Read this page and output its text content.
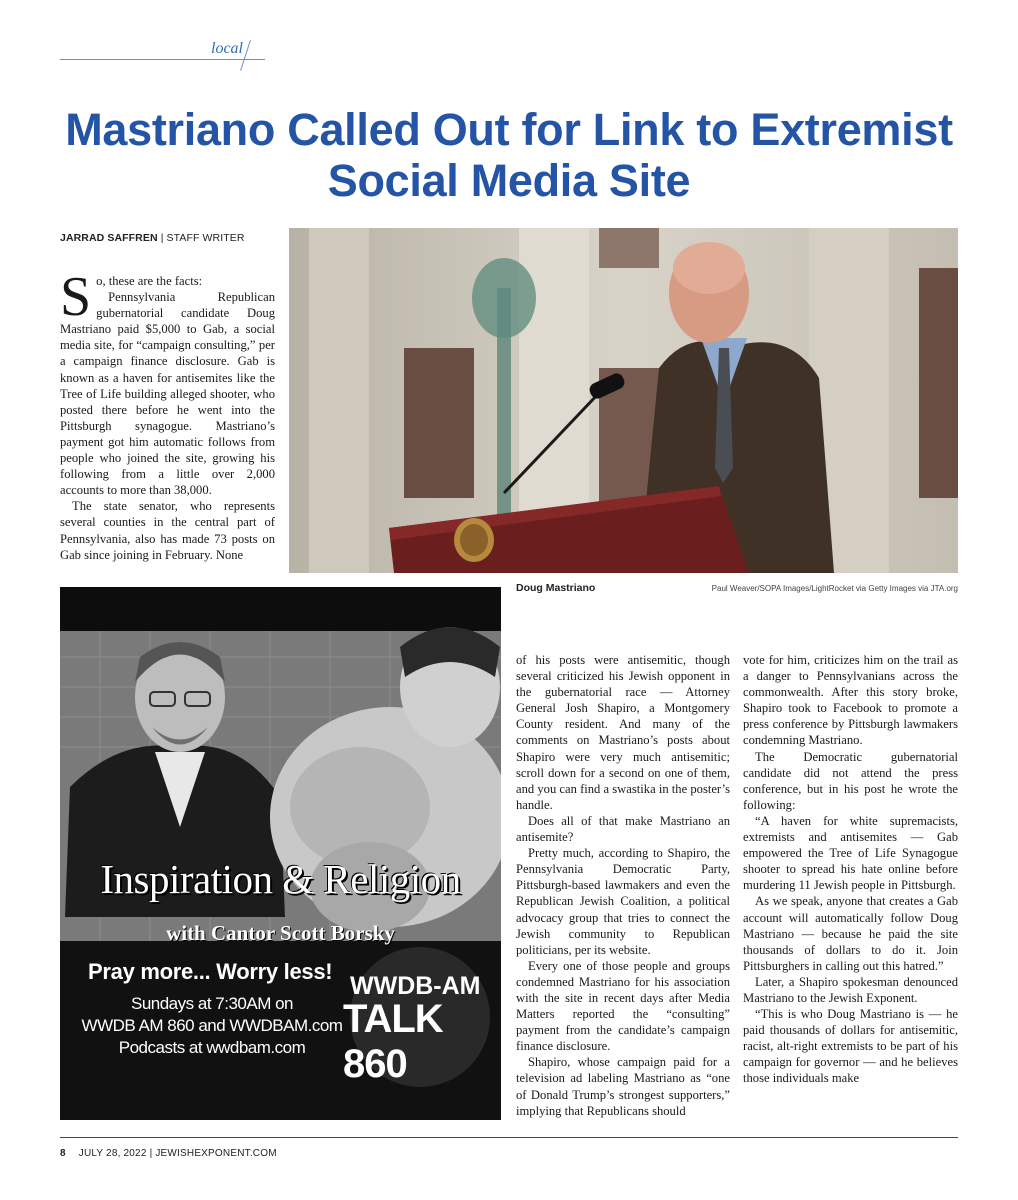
local
Mastriano Called Out for Link to Extremist Social Media Site
JARRAD SAFFREN | STAFF WRITER

So, these are the facts:

Pennsylvania Republican gubernatorial candidate Doug Mastriano paid $5,000 to Gab, a social media site, for “campaign consulting,” per a campaign finance disclosure. Gab is known as a haven for antisemites like the Tree of Life building alleged shooter, who posted there before he went into the Pittsburgh synagogue. Mastriano’s payment got him automatic follows from people who joined the site, growing his following from a little over 2,000 accounts to more than 38,000.

The state senator, who represents several counties in the central part of Pennsylvania, also has made 73 posts on Gab since joining in February. None

Doug Mastriano	Paul Weaver/SOPA Images/LightRocket via Getty Images via JTA.org
Inspiration & Religion
with Cantor Scott Borsky
Pray more... Worry less!
Sundays at 7:30AM on
WWDB AM 860 and WWDBAM.com
Podcasts at wwdbam.com
WWDB-AM
TALK 860

of his posts were antisemitic, though several criticized his Jewish opponent in the gubernatorial race — Attorney General Josh Shapiro, a Montgomery County resident. And many of the comments on Mastriano’s posts about Shapiro were very much antisemitic; scroll down for a second on one of them, and you can find a swastika in the poster’s handle.

Does all of that make Mastriano an antisemite?

Pretty much, according to Shapiro, the Pennsylvania Democratic Party, Pittsburgh-based lawmakers and even the Republican Jewish Coalition, a political advocacy group that tries to connect the Jewish community to Republican politicians, per its website.

Every one of those people and groups condemned Mastriano for his association with the site in recent days after Media Matters reported the “consulting” payment from the candidate’s campaign finance disclosure.

Shapiro, whose campaign paid for a television ad labeling Mastriano as “one of Donald Trump’s strongest supporters,” implying that Republicans should

vote for him, criticizes him on the trail as a danger to Pennsylvanians across the commonwealth. After this story broke, Shapiro took to Facebook to promote a press conference by Pittsburgh lawmakers condemning Mastriano.

The Democratic gubernatorial candidate did not attend the press conference, but in his post he wrote the following:

“A haven for white supremacists, extremists and antisemites — Gab empowered the Tree of Life Synagogue shooter to spread his hate online before murdering 11 Jewish people in Pittsburgh.

As we speak, anyone that creates a Gab account will automatically follow Doug Mastriano — because he paid the site thousands of dollars to do it. Join Pittsburghers in calling out this hatred.”

Later, a Shapiro spokesman denounced Mastriano to the Jewish Exponent.

“This is who Doug Mastriano is — he paid thousands of dollars for antisemitic, racist, alt-right extremists to be part of his campaign for governor — and he believes those individuals make

8 JULY 28, 2022 | JEWISHEXPONENT.COM
